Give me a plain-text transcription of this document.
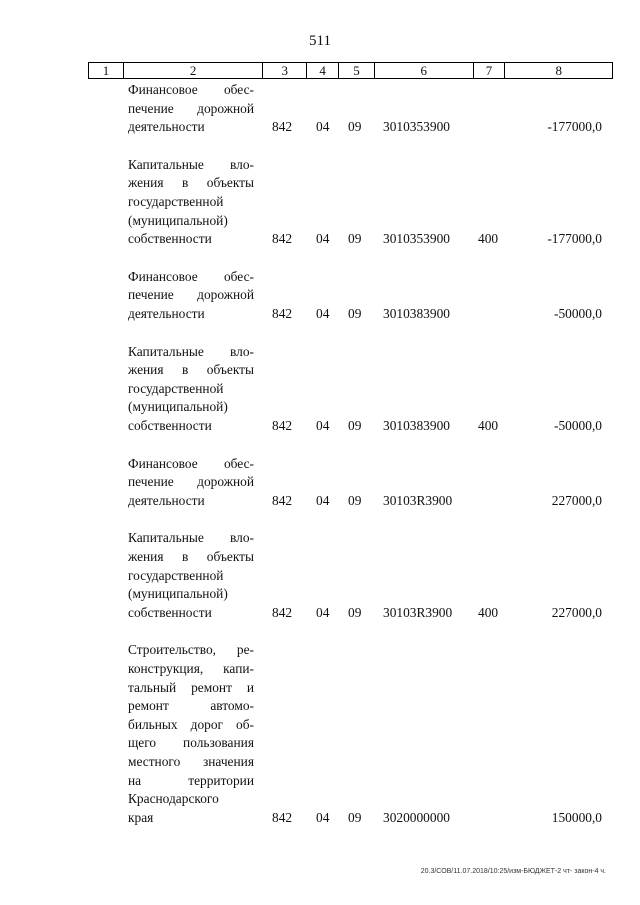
511
1	2	3	4	5	6	7	8
Финансовое обес-
печение дорожной
деятельности	842 04 09 3010353900	-177000,0
Капитальные вло-
жения в объекты
государственной
(муниципальной)
собственности	842 04 09 3010353900 400	-177000,0
Финансовое обес-
печение дорожной
деятельности	842 04 09 3010383900	-50000,0
Капитальные вло-
жения в объекты
государственной
(муниципальной)
собственности	842 04 09 3010383900 400	-50000,0
Финансовое обес-
печение дорожной
деятельности	842 04 09 30103R3900	227000,0
Капитальные вло-
жения в объекты
государственной
(муниципальной)
собственности	842 04 09 30103R3900 400	227000,0
Строительство, ре-
конструкция, капи-
тальный ремонт и
ремонт автомо-
бильных дорог об-
щего пользования
местного значения
на территории
Краснодарского
края	842 04 09 3020000000	150000,0
20.3/СОВ/11.07.2018/10:25/изм-БЮДЖЕТ-2 чт- закон-4 ч.
